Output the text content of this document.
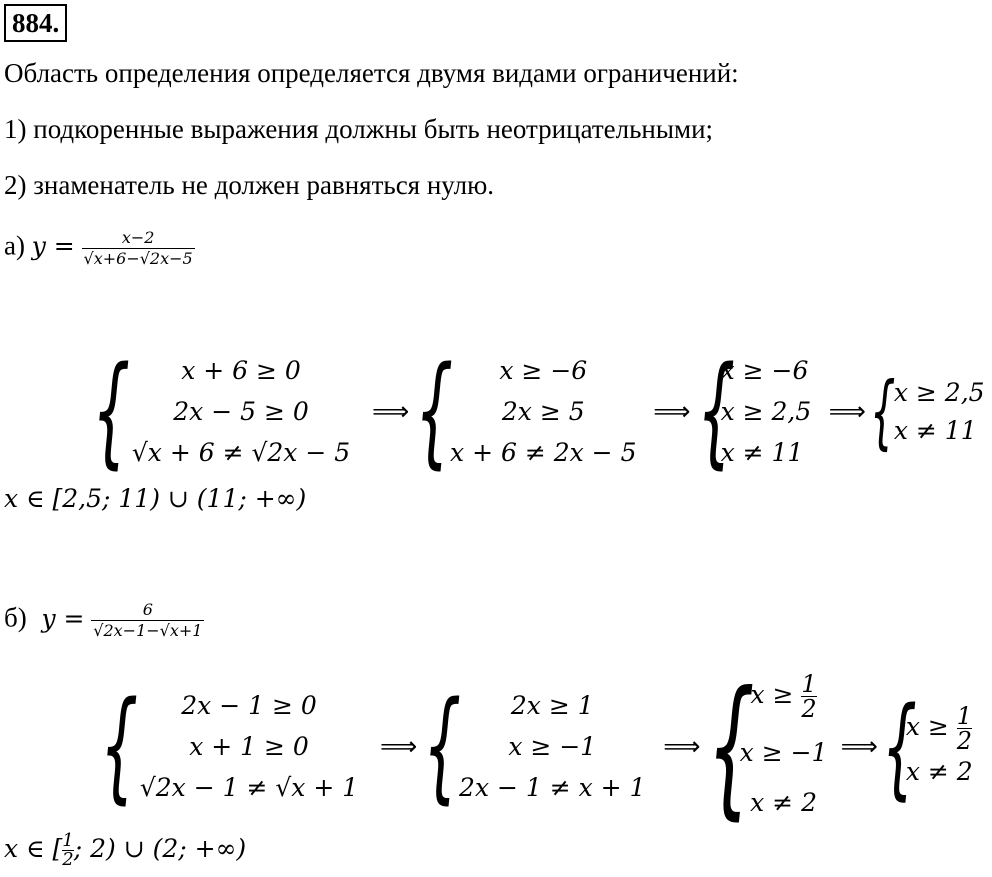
884.
Область определения определяется двумя видами ограничений:
1) подкоренные выражения должны быть неотрицательными;
2) знаменатель не должен равняться нулю.
а) $y = \frac{x-2}{√x+6-√2x-5}$
{	x + 6 ≥ 0
2x − 5 ≥ 0
√x + 6 ≠ √2x − 5
⟹ {	x ≥ −6
2x ≥ 5
x + 6 ≠ 2x − 5
⟹ {
x ≥ −6
x ≥ 2,5
x ≠ 11
⟹ {
x ≥ 2,5
x ≠ 11
x ∈ [2,5; 11) ∪ (11; +∞)
б) $y = \frac{6}{√2x-1-√x+1}$
{	2x − 1 ≥ 0
x + 1 ≥ 0
√2x − 1 ≠ √x + 1
⟹ {	2x ≥ 1
x ≥ −1
2x − 1 ≠ x + 1
⟹ {
$x \ge \frac{1}{2}$
x ≥ −1
x ≠ 2
⟹ {
$x \ge \frac{1}{2}$
x ≠ 2
x ∈ [ $\frac{1}{2}$ ; 2) ∪ (2; +∞)
